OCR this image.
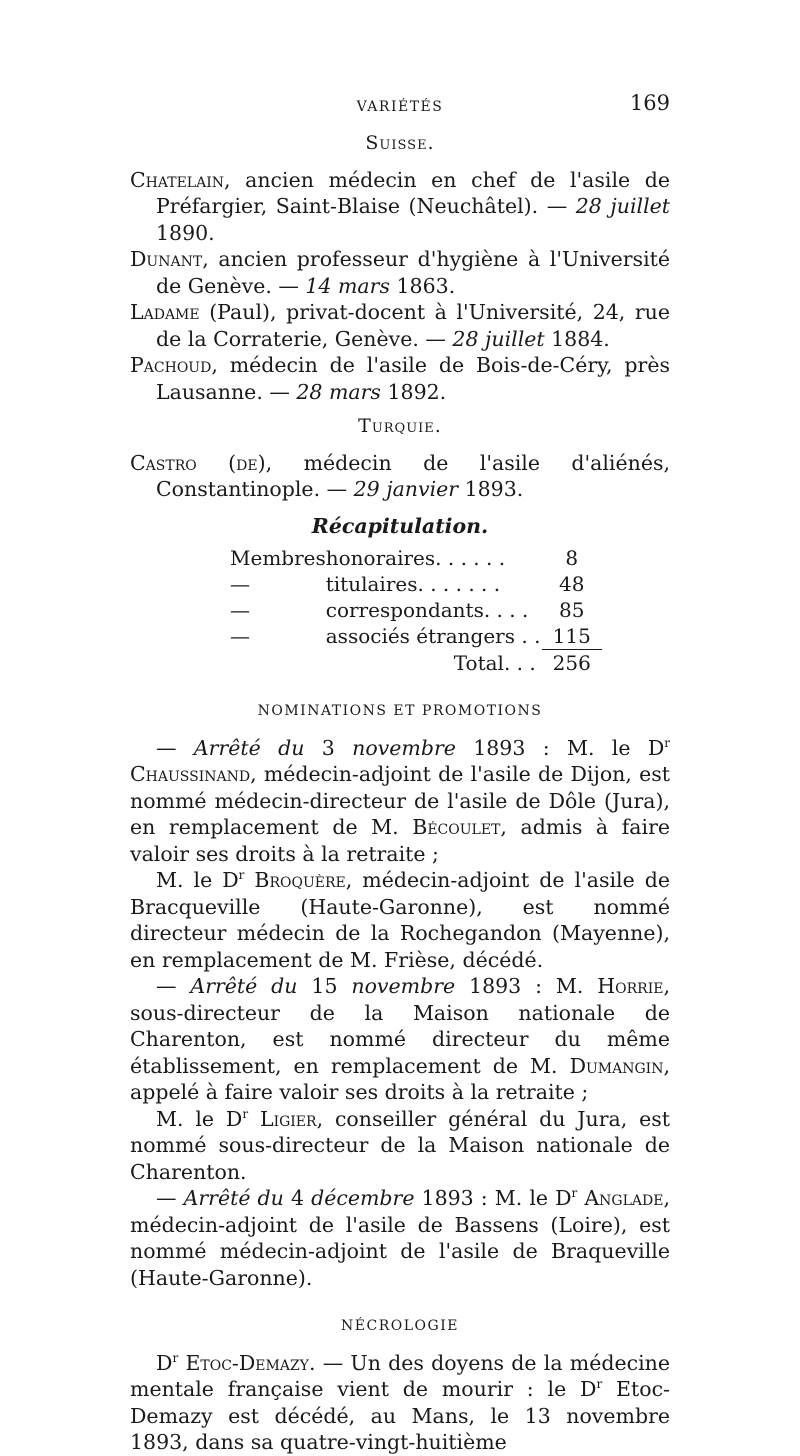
VARIÉTÉS	169
Suisse.
Chatelain, ancien médecin en chef de l'asile de Préfargier, Saint-Blaise (Neuchâtel). — 28 juillet 1890.
Dunant, ancien professeur d'hygiène à l'Université de Genève. — 14 mars 1863.
Ladame (Paul), privat-docent à l'Université, 24, rue de la Corraterie, Genève. — 28 juillet 1884.
Pachoud, médecin de l'asile de Bois-de-Céry, près Lausanne. — 28 mars 1892.
Turquie.
Castro (de), médecin de l'asile d'aliénés, Constantinople. — 29 janvier 1893.
Récapitulation.
Membres	honoraires. . . . . .	8
—	titulaires. . . . . . .	48
—	correspondants. . . .	85
—	associés étrangers . .	115
	Total. . .	256
NOMINATIONS ET PROMOTIONS

— Arrêté du 3 novembre 1893 : M. le $D^r$ Chaussinand, médecin-adjoint de l'asile de Dijon, est nommé médecin-directeur de l'asile de Dôle (Jura), en remplacement de M. Bécoulet, admis à faire valoir ses droits à la retraite ;

M. le $D^r$ Broquère, médecin-adjoint de l'asile de Bracqueville (Haute-Garonne), est nommé directeur médecin de la Rochegandon (Mayenne), en remplacement de M. Frièse, décédé.

— Arrêté du 15 novembre 1893 : M. Horrie, sous-directeur de la Maison nationale de Charenton, est nommé directeur du même établissement, en remplacement de M. Dumangin, appelé à faire valoir ses droits à la retraite ;

M. le $D^r$ Ligier, conseiller général du Jura, est nommé sous-directeur de la Maison nationale de Charenton.

— Arrêté du 4 décembre 1893 : M. le $D^r$ Anglade, médecin-adjoint de l'asile de Bassens (Loire), est nommé médecin-adjoint de l'asile de Braqueville (Haute-Garonne).

NÉCROLOGIE

$D^r$ Etoc-Demazy. — Un des doyens de la médecine mentale française vient de mourir : le $D^r$ Etoc-Demazy est décédé, au Mans, le 13 novembre 1893, dans sa quatre-vingt-huitième
